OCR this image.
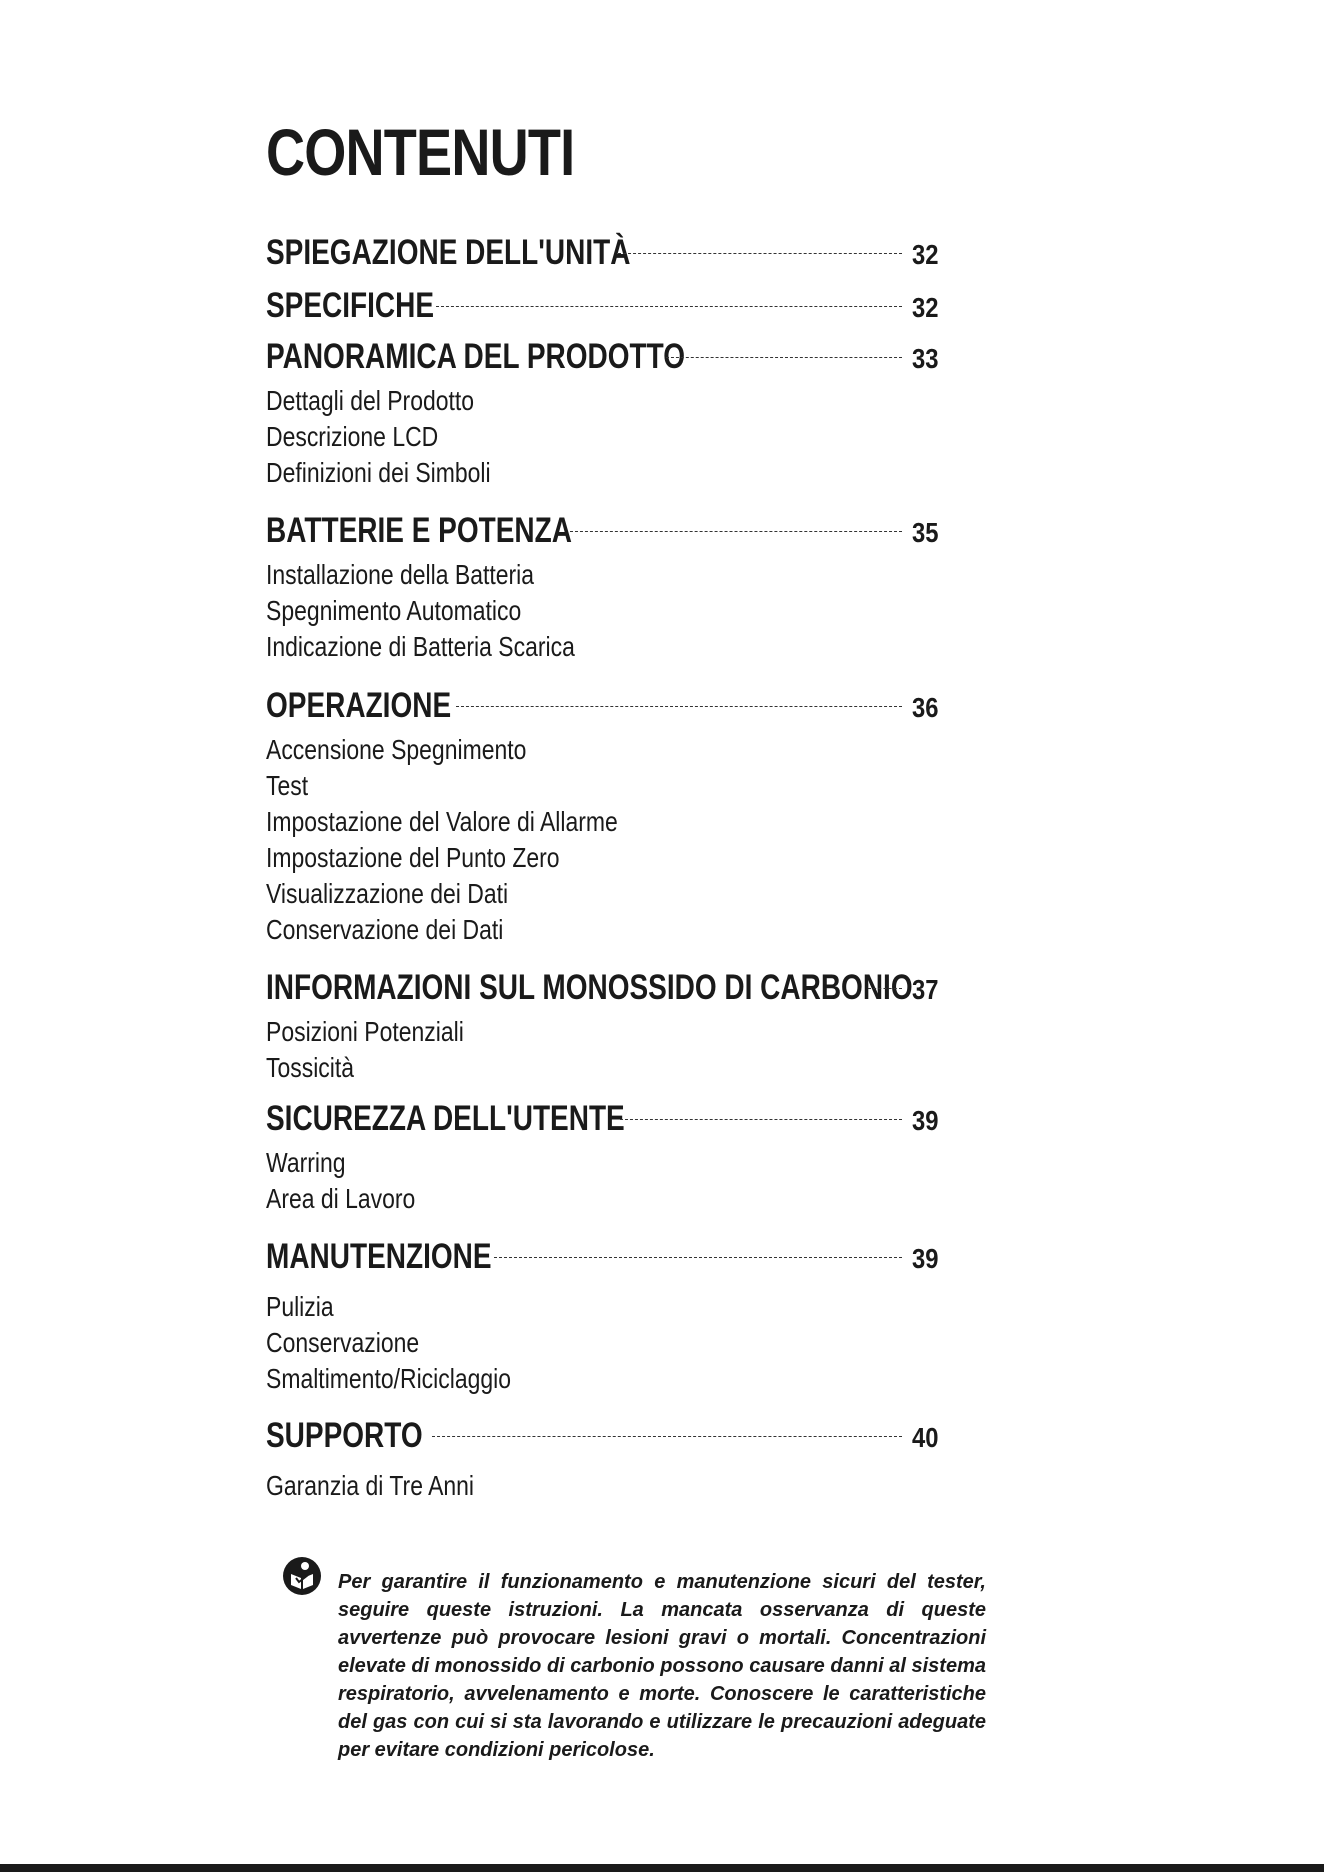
CONTENUTI
SPIEGAZIONE DELL'UNITÀ	32
SPECIFICHE	32
PANORAMICA DEL PRODOTTO	33
Dettagli del Prodotto
Descrizione LCD
Definizioni dei Simboli
BATTERIE E POTENZA	35
Installazione della Batteria
Spegnimento Automatico
Indicazione di Batteria Scarica
OPERAZIONE	36
Accensione Spegnimento
Test
Impostazione del Valore di Allarme
Impostazione del Punto Zero
Visualizzazione dei Dati
Conservazione dei Dati
INFORMAZIONI SUL MONOSSIDO DI CARBONIO 37
Posizioni Potenziali
Tossicità
SICUREZZA DELL'UTENTE	39
Warring
Area di Lavoro
MANUTENZIONE	39
Pulizia
Conservazione
Smaltimento/Riciclaggio
SUPPORTO	40
Garanzia di Tre Anni

Per garantire il funzionamento e manutenzione sicuri del tester, seguire queste istruzioni. La mancata osservanza di queste avvertenze può provocare lesioni gravi o mortali. Concentrazioni elevate di monossido di carbonio possono causare danni al sistema respiratorio, avvelenamento e morte. Conoscere le caratteristiche del gas con cui si sta lavorando e utilizzare le precauzioni adeguate per evitare condizioni pericolose.
